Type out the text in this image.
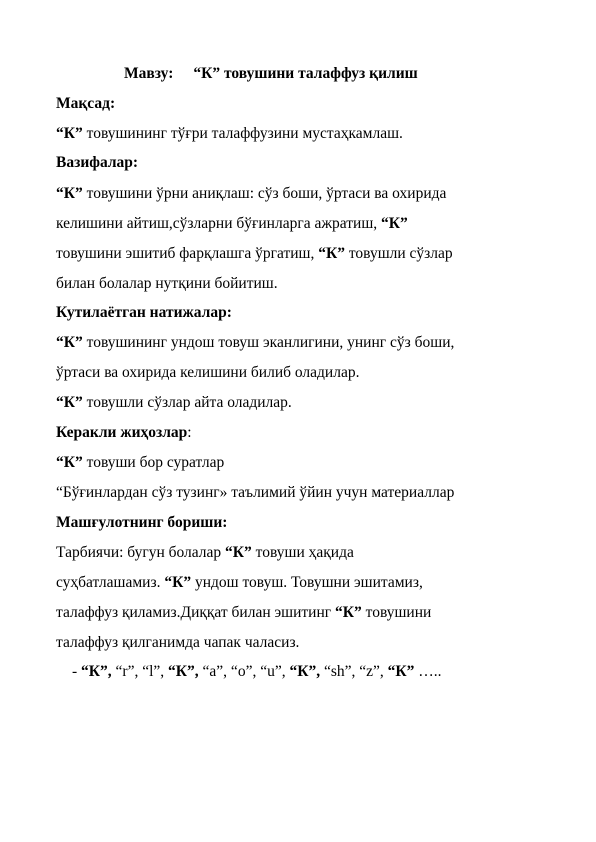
Мавзу: “К” товушини талаффуз қилиш
Мақсад:
“К” товушининг тўғри талаффузини мустаҳкамлаш.
Вазифалар:
“К” товушини ўрни аниқлаш: сўз боши, ўртаси ва охирида
келишини айтиш,сўзларни бўғинларга ажратиш, “К”
товушини эшитиб фарқлашга ўргатиш, “К” товушли сўзлар
билан болалар нутқини бойитиш.
Кутилаётган натижалар:
“К” товушининг ундош товуш эканлигини, унинг сўз боши,
ўртаси ва охирида келишини билиб оладилар.
“К” товушли сўзлар айта оладилар.
Керакли жиҳозлар:
“К” товуши бор суратлар
“Бўғинлардан сўз тузинг» таълимий ўйин учун материаллар
Машғулотнинг бориши:
Тарбиячи: бугун болалар “К” товуши ҳақида
суҳбатлашамиз. “К” ундош товуш. Товушни эшитамиз,
талаффуз қиламиз.Диққат билан эшитинг “К” товушини
талаффуз қилганимда чапак чаласиз.
- “К”, “r”, “l”, “К”, “a”, “o”, “u”, “К”, “sh”, “z”, “К” …..
